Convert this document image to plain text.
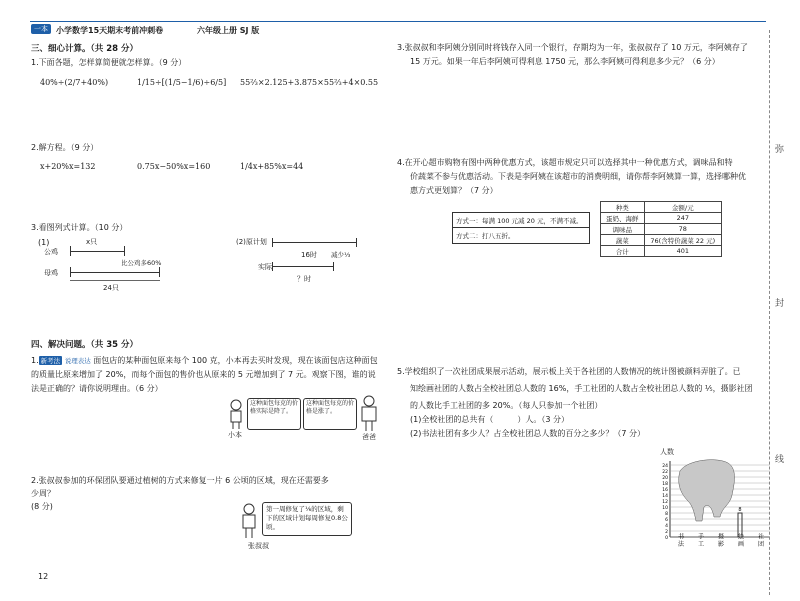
一本	小学数学15天期末考前冲刺卷	六年级上册 SJ 版
三、细心计算。（共 28 分）
1.下面各题，怎样算简便就怎样算。（9 分）
40%÷(2/7+40%)	1/15÷[(1/5−1/6)÷6/5] 55⅔×2.125+3.875×55⅔+4×0.55
2.解方程。（9 分）
x+20%x=132	0.75x−50%x=160	1/4x+85%x=44
3.看图列式计算。（10 分）
(1)	x只
公鸡
比公鸡多60%
母鸡
24只
(2)原计划
16时 减少⅓
实际
？时
四、解决问题。（共 35 分）
1. 新考法 说理表达 面包店的某种面包原来每个 100 克，小本再去买时发现，现在该面包店这种面包
的质量比原来增加了 20%，而每个面包的售价也从原来的 5 元增加到了 7 元。观察下图，谁的说
法是正确的？请你说明理由。（6 分）
这种面包每克的价格实际是降了。
这种面包每克的价格是涨了。
小本	爸爸
2.张叔叔参加的环保团队要通过植树的方式来修复一片 6 公顷的区域，现在还需要多
少周？
(8 分)	第一周修复了⅙的区域，剩下的区域计划每周修复0.8公顷。
张叔叔
12
3.张叔叔和李阿姨分别同时将钱存入同一个银行，存期均为一年，张叔叔存了 10 万元，李阿姨存了
15 万元。如果一年后李阿姨可得利息 1750 元，那么李阿姨可得利息多少元？（6 分）
4.在开心超市购物有图中两种优惠方式，该超市规定只可以选择其中一种优惠方式，调味品和特
价蔬菜不参与优惠活动。下表是李阿姨在该超市的消费明细，请你帮李阿姨算一算，选择哪种优
惠方式更划算？（7 分）
方式一：每满 100 元减 20 元，不满不减。
方式二：打八五折。
种类	金额/元
蛋奶、海鲜	247
调味品	78
蔬菜	76(含特价蔬菜 22 元)
合计	401
5.学校组织了一次社团成果展示活动，展示板上关于各社团的人数情况的统计图被颜料弄脏了。已
知绘画社团的人数占全校社团总人数的 16%，手工社团的人数占全校社团总人数的 ⅕，摄影社团
的人数比手工社团的多 20%。（每人只参加一个社团）
(1)全校社团的总共有（　　　）人。（3 分）
(2)书法社团有多少人？占全校社团总人数的百分之多少？（7 分）
人数
0
2
4
6
8
10
12
14
16
18
20
22
24
书 法 手 工 摄 影 绘 画
8
社 团
弥
封
线
